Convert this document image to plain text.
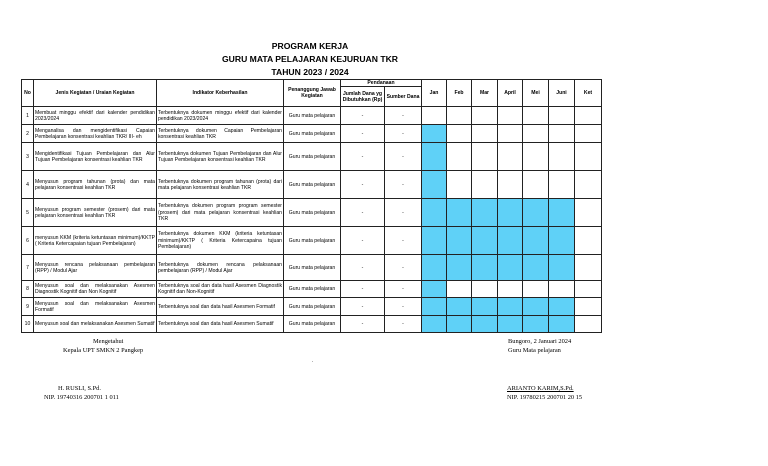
PROGRAM KERJA
GURU MATA PELAJARAN KEJURUAN TKR
TAHUN 2023 / 2024
No	Jenis Kegiatan / Uraian Kegiatan	Indikator Keberhasilan	Penanggung Jawab Kegiatan	Pendanaan		Jan	Feb	Mar	April	Mei	Juni	Ket
				Jumlah Dana yg Dibutuhkan (Rp)	Sumber Dana							
1	Membuat minggu efektif dari kalender pendidikan 2023/2024	Terbentuknya dokumen minggu efektif dari kalender pendidikan 2023/2024	Guru mata pelajaran	-	-							
2	Menganalisa dan mengidentifikasi Capaian Pembelajaran konsentrasi keahlian TKR/ III- eh	Terbentuknya dokumen Capaian Pembelajaran konsentrasi keahlian TKR	Guru mata pelajaran	-	-							
3	Mengidentifikasi Tujuan Pembelajaran dan Alur Tujuan Pembelajaran konsentrasi keahlian TKR	Terbentuknya dokumen Tujuan Pembelajaran dan Alur Tujuan Pembelajaran konsentrasi keahlian TKR	Guru mata pelajaran	-	-							
4	Menyusun program tahunan (prota) dan mata pelajaran konsentrasi keahlian TKR	Terbentuknya dokumen program tahunan (prota) dari mata pelajaran konsentrasi keahlian TKR	Guru mata pelajaran	-	-							
5	Menyusun program semester (prosem) dari mata pelajaran konsentrasi keahlian TKR	Terbentuknya dokumen program program semester (prosem) dari mata pelajaran konsentrasi keahlian TKR	Guru mata pelajaran	-	-							
6	menyusun KKM (kriteria ketuntasan minimum)/KKTP ( Kriteria Ketercapaian tujuan Pembelajaran)	Terbentuknya dokumen KKM (kriteria ketuntasan minimum)/KKTP ( Kriteria Ketercapaina tujuan Pembelajaran)	Guru mata pelajaran	-	-							
7	Menyusun rencana pelaksanaan pembelajaran (RPP) / Modul Ajar	Terbentuknya dokumen rencana pelaksanaan pembelajaran (RPP) / Modul Ajar	Guru mata pelajaran	-	-							
8	Menyusun soal dan melaksanakan Asesmen Diagnostik Kognitif dan Non Kognitif	Terbentuknya soal dan data hasil Asesmen Diagnostik Kognitif dan Non-Kognitif	Guru mata pelajaran	-	-							
9	Menyusun soal dan melaksanakan Asesmen Formatif	Terbentuknya soal dan data hasil Asesmen Formatif	Guru mata pelajaran	-	-							
10	Menyusun soal dan melaksanakan Asesmen Sumatif	Terbentuknya soal dan data hasil Asesmen Sumatif	Guru mata pelajaran	-	-							
Mengetahui
Kepala UPT SMKN 2 Pangkep
H. RUSLI, S.Pd.
NIP. 19740316 200701 1 011
Bungoro, 2 Januari 2024
Guru Mata pelajaran
ARIANTO KARIM,S.Pd.
NIP. 19780215 200701 20 15
.
